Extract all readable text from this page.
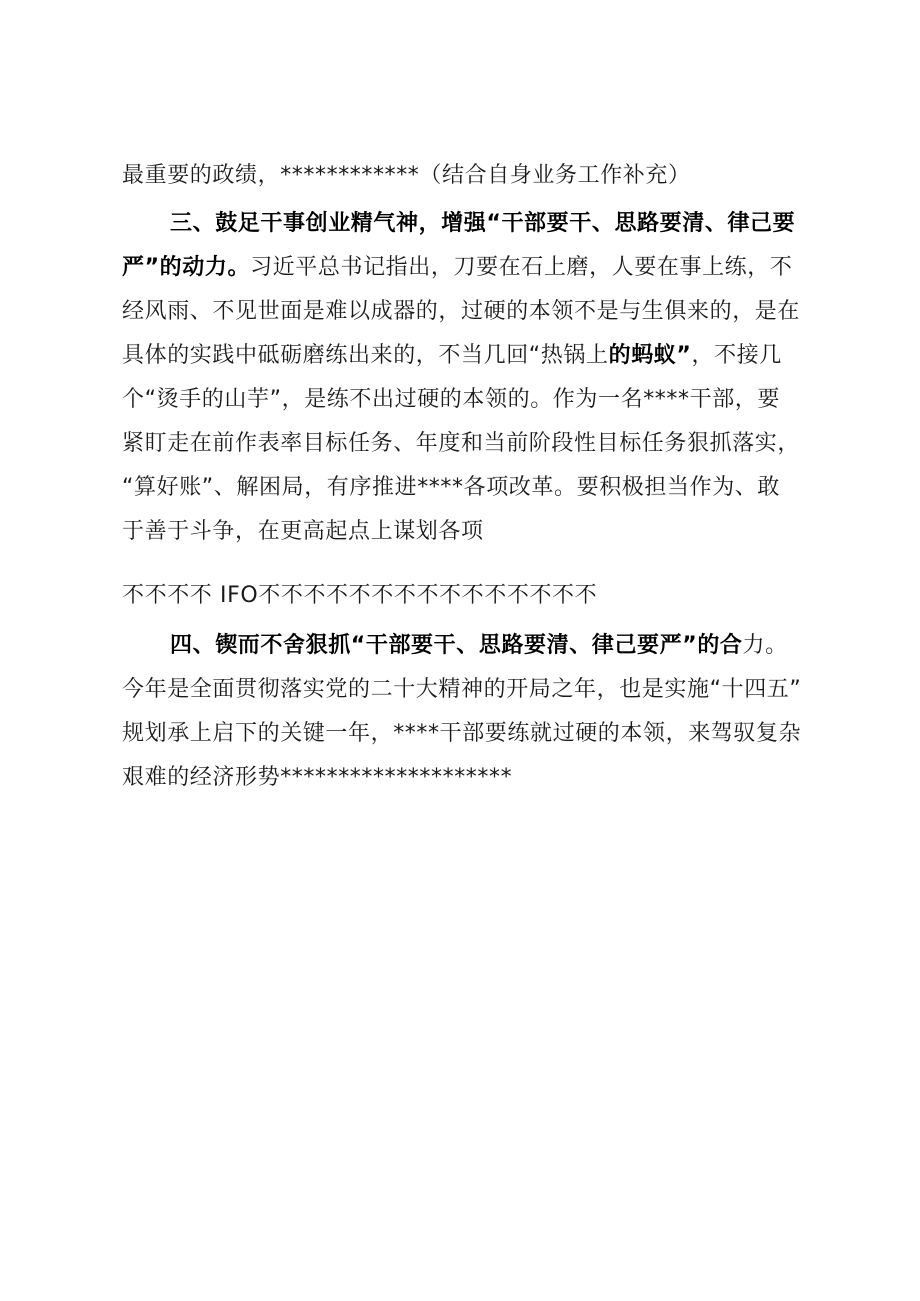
最重要的政绩，************（结合自身业务工作补充）
三、鼓足干事创业精气神，增强“干部要干、思路要清、律己要
严”的动力。习近平总书记指出，刀要在石上磨，人要在事上练，不
经风雨、不见世面是难以成器的，过硬的本领不是与生俱来的，是在
具体的实践中砥砺磨练出来的，不当几回“热锅上的蚂蚁”，不接几
个“烫手的山芋”，是练不出过硬的本领的。作为一名****干部，要
紧盯走在前作表率目标任务、年度和当前阶段性目标任务狠抓落实，
“算好账”、解困局，有序推进****各项改革。要积极担当作为、敢
于善于斗争，在更高起点上谋划各项
不不不不 IFO不不不不不不不不不不不不不不不
四、锲而不舍狠抓“干部要干、思路要清、律己要严”的合力。
今年是全面贯彻落实党的二十大精神的开局之年，也是实施“十四五”
规划承上启下的关键一年，****干部要练就过硬的本领，来驾驭复杂
艰难的经济形势********************
